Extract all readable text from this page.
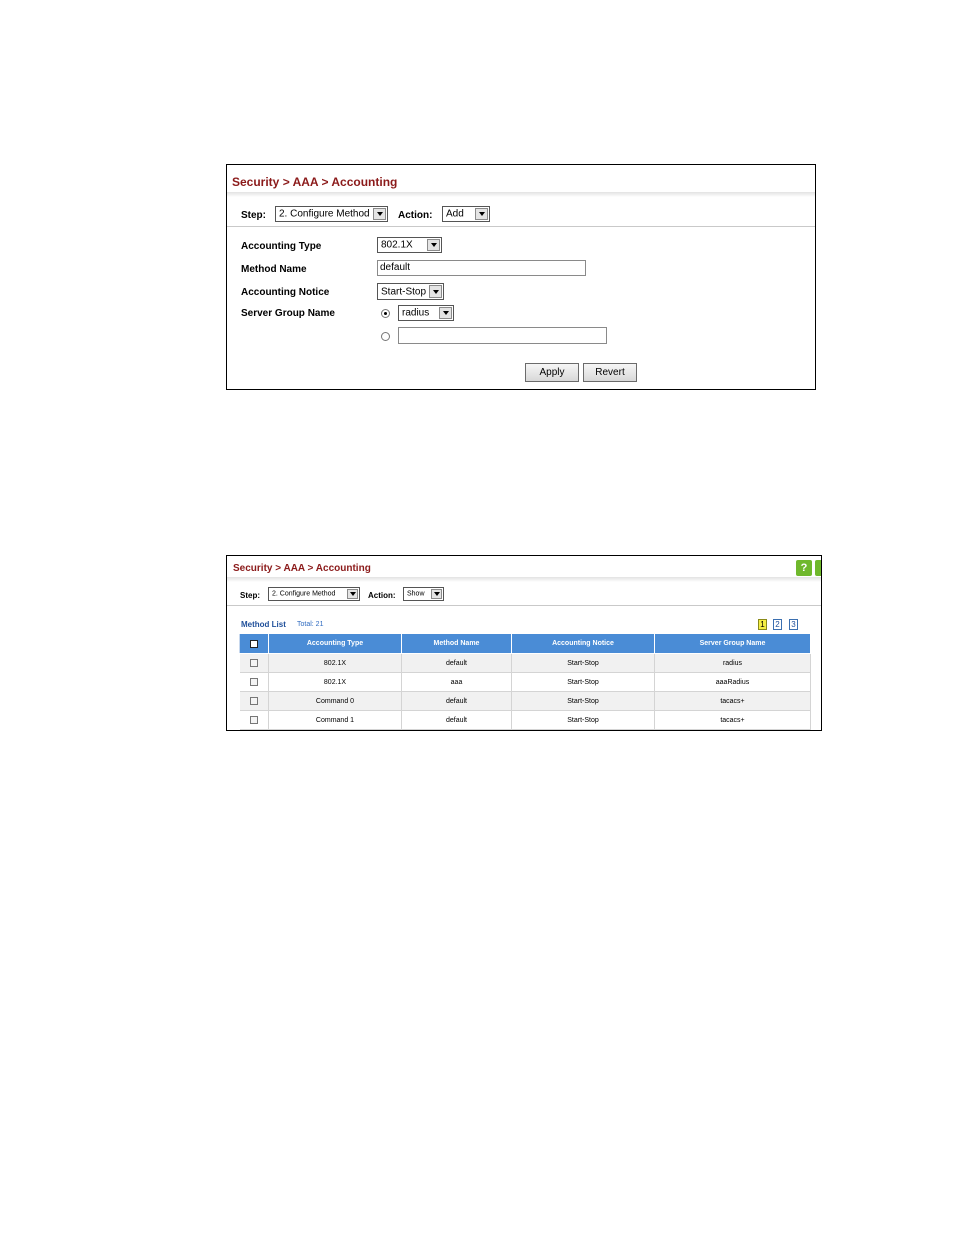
Security > AAA > Accounting
Step: 2. Configure Method	Action: Add
Accounting Type	802.1X
Method Name	default
Accounting Notice	Start-Stop
Server Group Name	radius
Apply	Revert
Security > AAA > Accounting	?
Step: 2. Configure Method	Action: Show
Method List Total: 21	1 2 3
	Accounting Type	Method Name	Accounting Notice	Server Group Name
	802.1X	default	Start-Stop	radius
	802.1X	aaa	Start-Stop	aaaRadius
	Command 0	default	Start-Stop	tacacs+
	Command 1	default	Start-Stop	tacacs+
